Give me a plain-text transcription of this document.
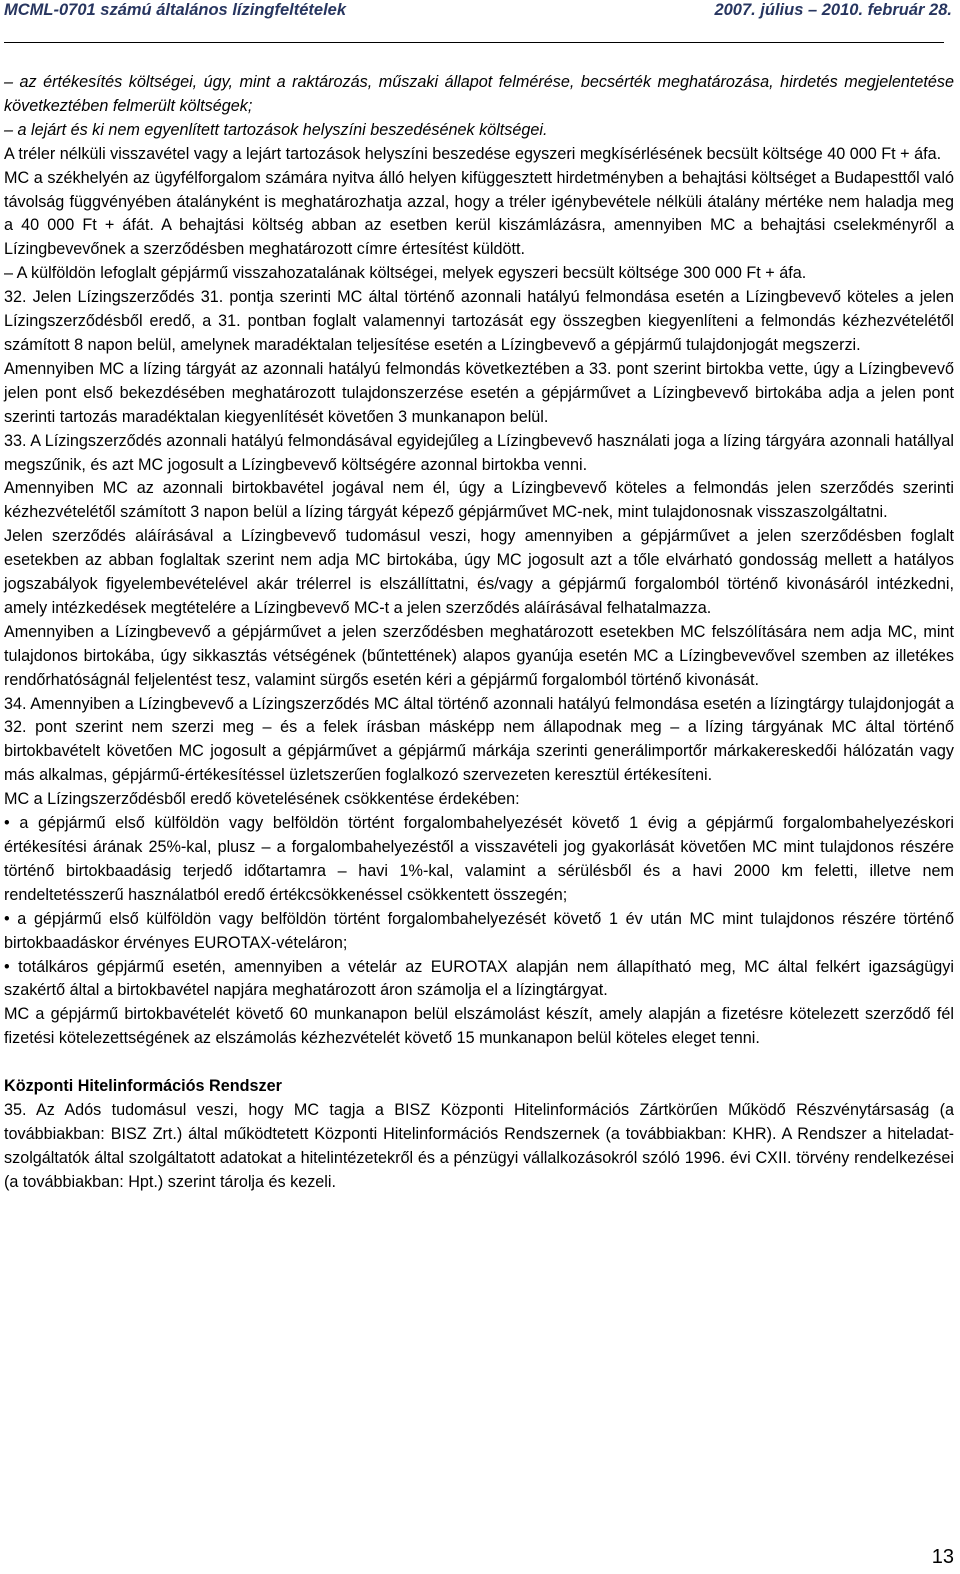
MCML-0701 számú általános lízingfeltételek	2007. július – 2010. február 28.

– az értékesítés költségei, úgy, mint a raktározás, műszaki állapot felmérése, becsérték meghatározása, hirdetés megjelentetése következtében felmerült költségek;

– a lejárt és ki nem egyenlített tartozások helyszíni beszedésének költségei.

A tréler nélküli visszavétel vagy a lejárt tartozások helyszíni beszedése egyszeri megkísérlésének becsült költsége 40 000 Ft + áfa.

MC a székhelyén az ügyfélforgalom számára nyitva álló helyen kifüggesztett hirdetményben a behajtási költséget a Budapesttől való távolság függvényében átalányként is meghatározhatja azzal, hogy a tréler igénybevétele nélküli átalány mértéke nem haladja meg a 40 000 Ft + áfát. A behajtási költség abban az esetben kerül kiszámlázásra, amennyiben MC a behajtási cselekményről a Lízingbevevőnek a szerződésben meghatározott címre értesítést küldött.

– A külföldön lefoglalt gépjármű visszahozatalának költségei, melyek egyszeri becsült költsége 300 000 Ft + áfa.

32. Jelen Lízingszerződés 31. pontja szerinti MC által történő azonnali hatályú felmondása esetén a Lízingbevevő köteles a jelen Lízingszerződésből eredő, a 31. pontban foglalt valamennyi tartozását egy összegben kiegyenlíteni a felmondás kézhezvételétől számított 8 napon belül, amelynek maradéktalan teljesítése esetén a Lízingbevevő a gépjármű tulajdonjogát megszerzi.

Amennyiben MC a lízing tárgyát az azonnali hatályú felmondás következtében a 33. pont szerint birtokba vette, úgy a Lízingbevevő jelen pont első bekezdésében meghatározott tulajdonszerzése esetén a gépjárművet a Lízingbevevő birtokába adja a jelen pont szerinti tartozás maradéktalan kiegyenlítését követően 3 munkanapon belül.

33. A Lízingszerződés azonnali hatályú felmondásával egyidejűleg a Lízingbevevő használati joga a lízing tárgyára azonnali hatállyal megszűnik, és azt MC jogosult a Lízingbevevő költségére azonnal birtokba venni.

Amennyiben MC az azonnali birtokbavétel jogával nem él, úgy a Lízingbevevő köteles a felmondás jelen szerződés szerinti kézhezvételétől számított 3 napon belül a lízing tárgyát képező gépjárművet MC-nek, mint tulajdonosnak visszaszolgáltatni.

Jelen szerződés aláírásával a Lízingbevevő tudomásul veszi, hogy amennyiben a gépjárművet a jelen szerződésben foglalt esetekben az abban foglaltak szerint nem adja MC birtokába, úgy MC jogosult azt a tőle elvárható gondosság mellett a hatályos jogszabályok figyelembevételével akár trélerrel is elszállíttatni, és/vagy a gépjármű forgalomból történő kivonásáról intézkedni, amely intézkedések megtételére a Lízingbevevő MC-t a jelen szerződés aláírásával felhatalmazza.

Amennyiben a Lízingbevevő a gépjárművet a jelen szerződésben meghatározott esetekben MC felszólítására nem adja MC, mint tulajdonos birtokába, úgy sikkasztás vétségének (bűntettének) alapos gyanúja esetén MC a Lízingbevevővel szemben az illetékes rendőrhatóságnál feljelentést tesz, valamint sürgős esetén kéri a gépjármű forgalomból történő kivonását.

34. Amennyiben a Lízingbevevő a Lízingszerződés MC által történő azonnali hatályú felmondása esetén a lízingtárgy tulajdonjogát a 32. pont szerint nem szerzi meg – és a felek írásban másképp nem állapodnak meg – a lízing tárgyának MC által történő birtokbavételt követően MC jogosult a gépjárművet a gépjármű márkája szerinti generálimportőr márkakereskedői hálózatán vagy más alkalmas, gépjármű-értékesítéssel üzletszerűen foglalkozó szervezeten keresztül értékesíteni.

MC a Lízingszerződésből eredő követelésének csökkentése érdekében:

• a gépjármű első külföldön vagy belföldön történt forgalombahelyezését követő 1 évig a gépjármű forgalombahelyezéskori értékesítési árának 25%-kal, plusz – a forgalombahelyezéstől a visszavételi jog gyakorlását követően MC mint tulajdonos részére történő birtokbaadásig terjedő időtartamra – havi 1%-kal, valamint a sérülésből és a havi 2000 km feletti, illetve nem rendeltetésszerű használatból eredő értékcsökkenéssel csökkentett összegén;

• a gépjármű első külföldön vagy belföldön történt forgalombahelyezését követő 1 év után MC mint tulajdonos részére történő birtokbaadáskor érvényes EUROTAX-vételáron;

• totálkáros gépjármű esetén, amennyiben a vételár az EUROTAX alapján nem állapítható meg, MC által felkért igazságügyi szakértő által a birtokbavétel napjára meghatározott áron számolja el a lízingtárgyat.

MC a gépjármű birtokbavételét követő 60 munkanapon belül elszámolást készít, amely alapján a fizetésre kötelezett szerződő fél fizetési kötelezettségének az elszámolás kézhezvételét követő 15 munkanapon belül köteles eleget tenni.

Központi Hitelinformációs Rendszer

35. Az Adós tudomásul veszi, hogy MC tagja a BISZ Központi Hitelinformációs Zártkörűen Működő Részvénytársaság (a továbbiakban: BISZ Zrt.) által működtetett Központi Hitelinformációs Rendszernek (a továbbiakban: KHR). A Rendszer a hiteladat-szolgáltatók által szolgáltatott adatokat a hitelintézetekről és a pénzügyi vállalkozásokról szóló 1996. évi CXII. törvény rendelkezései (a továbbiakban: Hpt.) szerint tárolja és kezeli.

13
